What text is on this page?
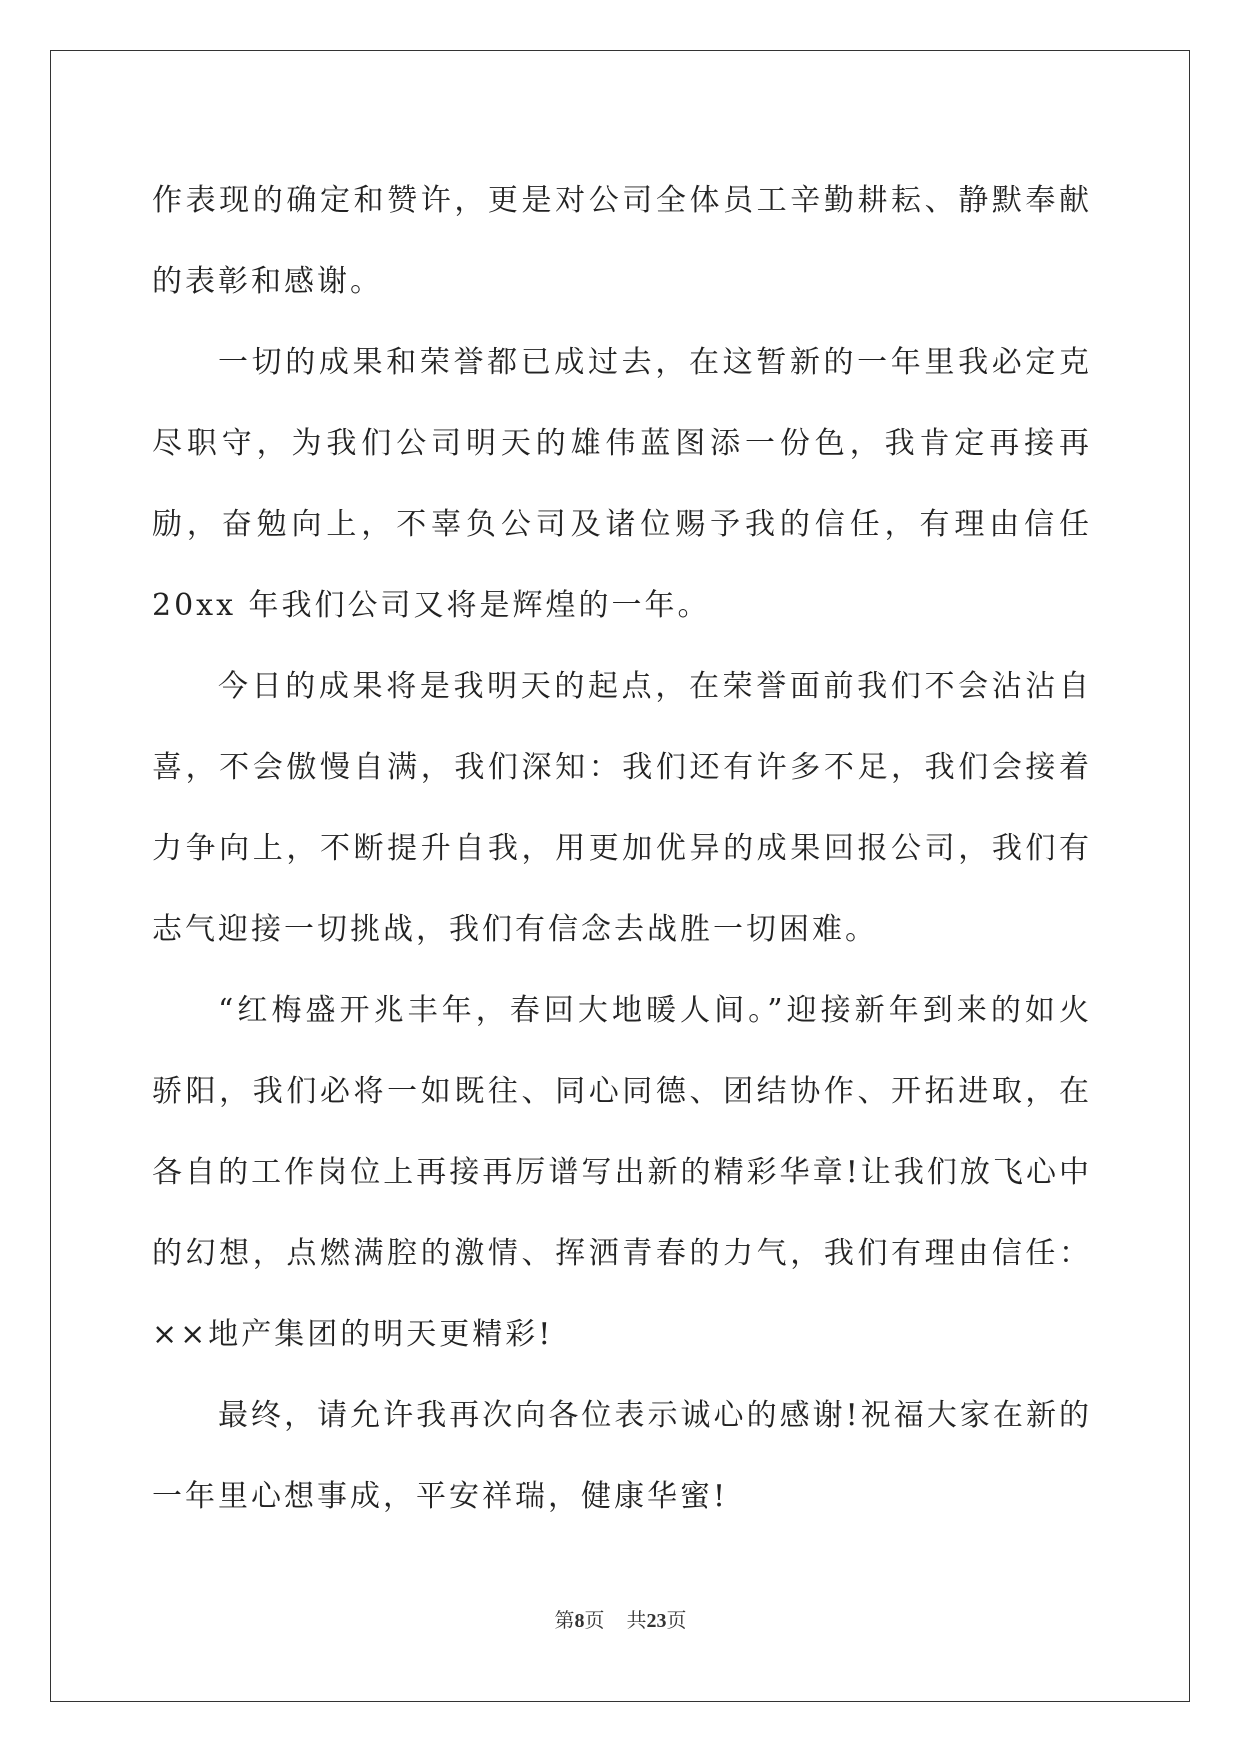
作表现的确定和赞许，更是对公司全体员工辛勤耕耘、静默奉献的表彰和感谢。

一切的成果和荣誉都已成过去，在这暂新的一年里我必定克尽职守，为我们公司明天的雄伟蓝图添一份色，我肯定再接再励，奋勉向上，不辜负公司及诸位赐予我的信任，有理由信任 20xx 年我们公司又将是辉煌的一年。

今日的成果将是我明天的起点，在荣誉面前我们不会沾沾自喜，不会傲慢自满，我们深知：我们还有许多不足，我们会接着力争向上，不断提升自我，用更加优异的成果回报公司，我们有志气迎接一切挑战，我们有信念去战胜一切困难。

“红梅盛开兆丰年，春回大地暖人间。”迎接新年到来的如火骄阳，我们必将一如既往、同心同德、团结协作、开拓进取，在各自的工作岗位上再接再厉谱写出新的精彩华章!让我们放飞心中的幻想，点燃满腔的激情、挥洒青春的力气，我们有理由信任：××地产集团的明天更精彩!

最终，请允许我再次向各位表示诚心的感谢!祝福大家在新的一年里心想事成，平安祥瑞，健康华蜜!

第8页 共23页
